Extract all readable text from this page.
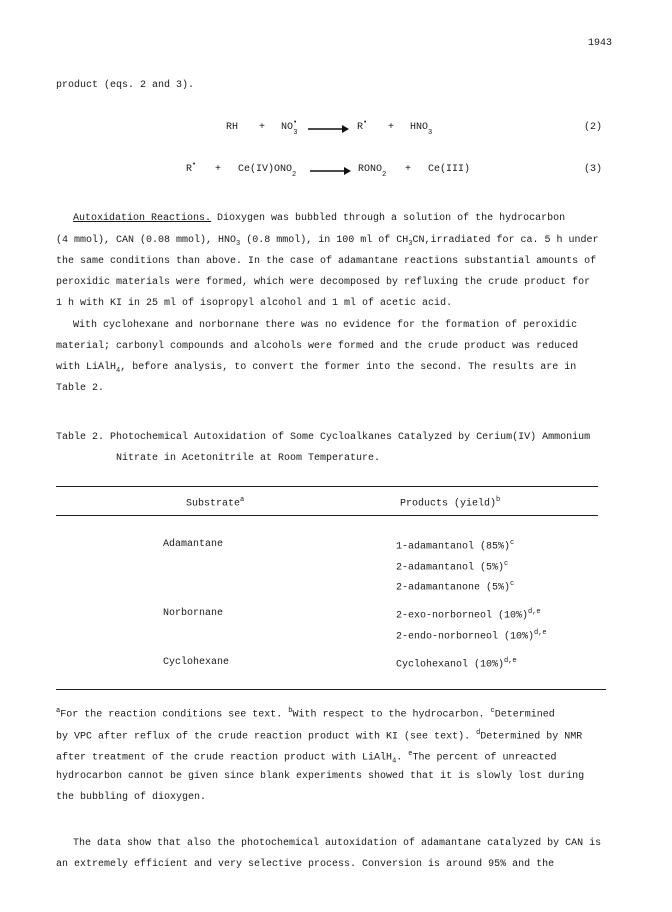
1943
product (eqs. 2 and 3).
RH + $NO^•_3$	$R^• + HNO_3$	(2)
$R^• + Ce(IV)ONO_2$	$RONO_2 + Ce(III)$	(3)
Autoxidation Reactions. Dioxygen was bubbled through a solution of the hydrocarbon
(4 mmol), CAN (0.08 mmol), $HNO_3$ (0.8 mmol), in 100 ml of $CH_3CN,irradiated$ for ca. 5 h under
the same conditions than above. In the case of adamantane reactions substantial amounts of
peroxidic materials were formed, which were decomposed by refluxing the crude product for
1 h with KI in 25 ml of isopropyl alcohol and 1 ml of acetic acid.
With cyclohexane and norbornane there was no evidence for the formation of peroxidic
material; carbonyl compounds and alcohols were formed and the crude product was reduced
with LiAlH$_4$, before analysis, to convert the former into the second. The results are in
Table 2.
Table 2. Photochemical Autoxidation of Some Cycloalkanes Catalyzed by Cerium(IV) Ammonium
Nitrate in Acetonitrile at Room Temperature.
Substrate$^a$	Products (yield)$^b$
Adamantane	1-adamantanol $(85\%)^c$
2-adamantanol $(5\%)^c$
2-adamantanone $(5\%)^c$
Norbornane	2-exo-norborneol $(10\%)^{d,e}$
2-endo-norborneol $(10\%)^{d,e}$
Cyclohexane	Cyclohexanol $(10\%)^{d,e}$
$^a$For the reaction conditions see text. $^b$With respect to the hydrocarbon. $^c$Determined
by VPC after reflux of the crude reaction product with KI (see text). $^d$Determined by NMR
after treatment of the crude reaction product with LiAlH$_4$. $^e$The percent of unreacted
hydrocarbon cannot be given since blank experiments showed that it is slowly lost during
the bubbling of dioxygen.
The data show that also the photochemical autoxidation of adamantane catalyzed by CAN is
an extremely efficient and very selective process. Conversion is around 95% and the
